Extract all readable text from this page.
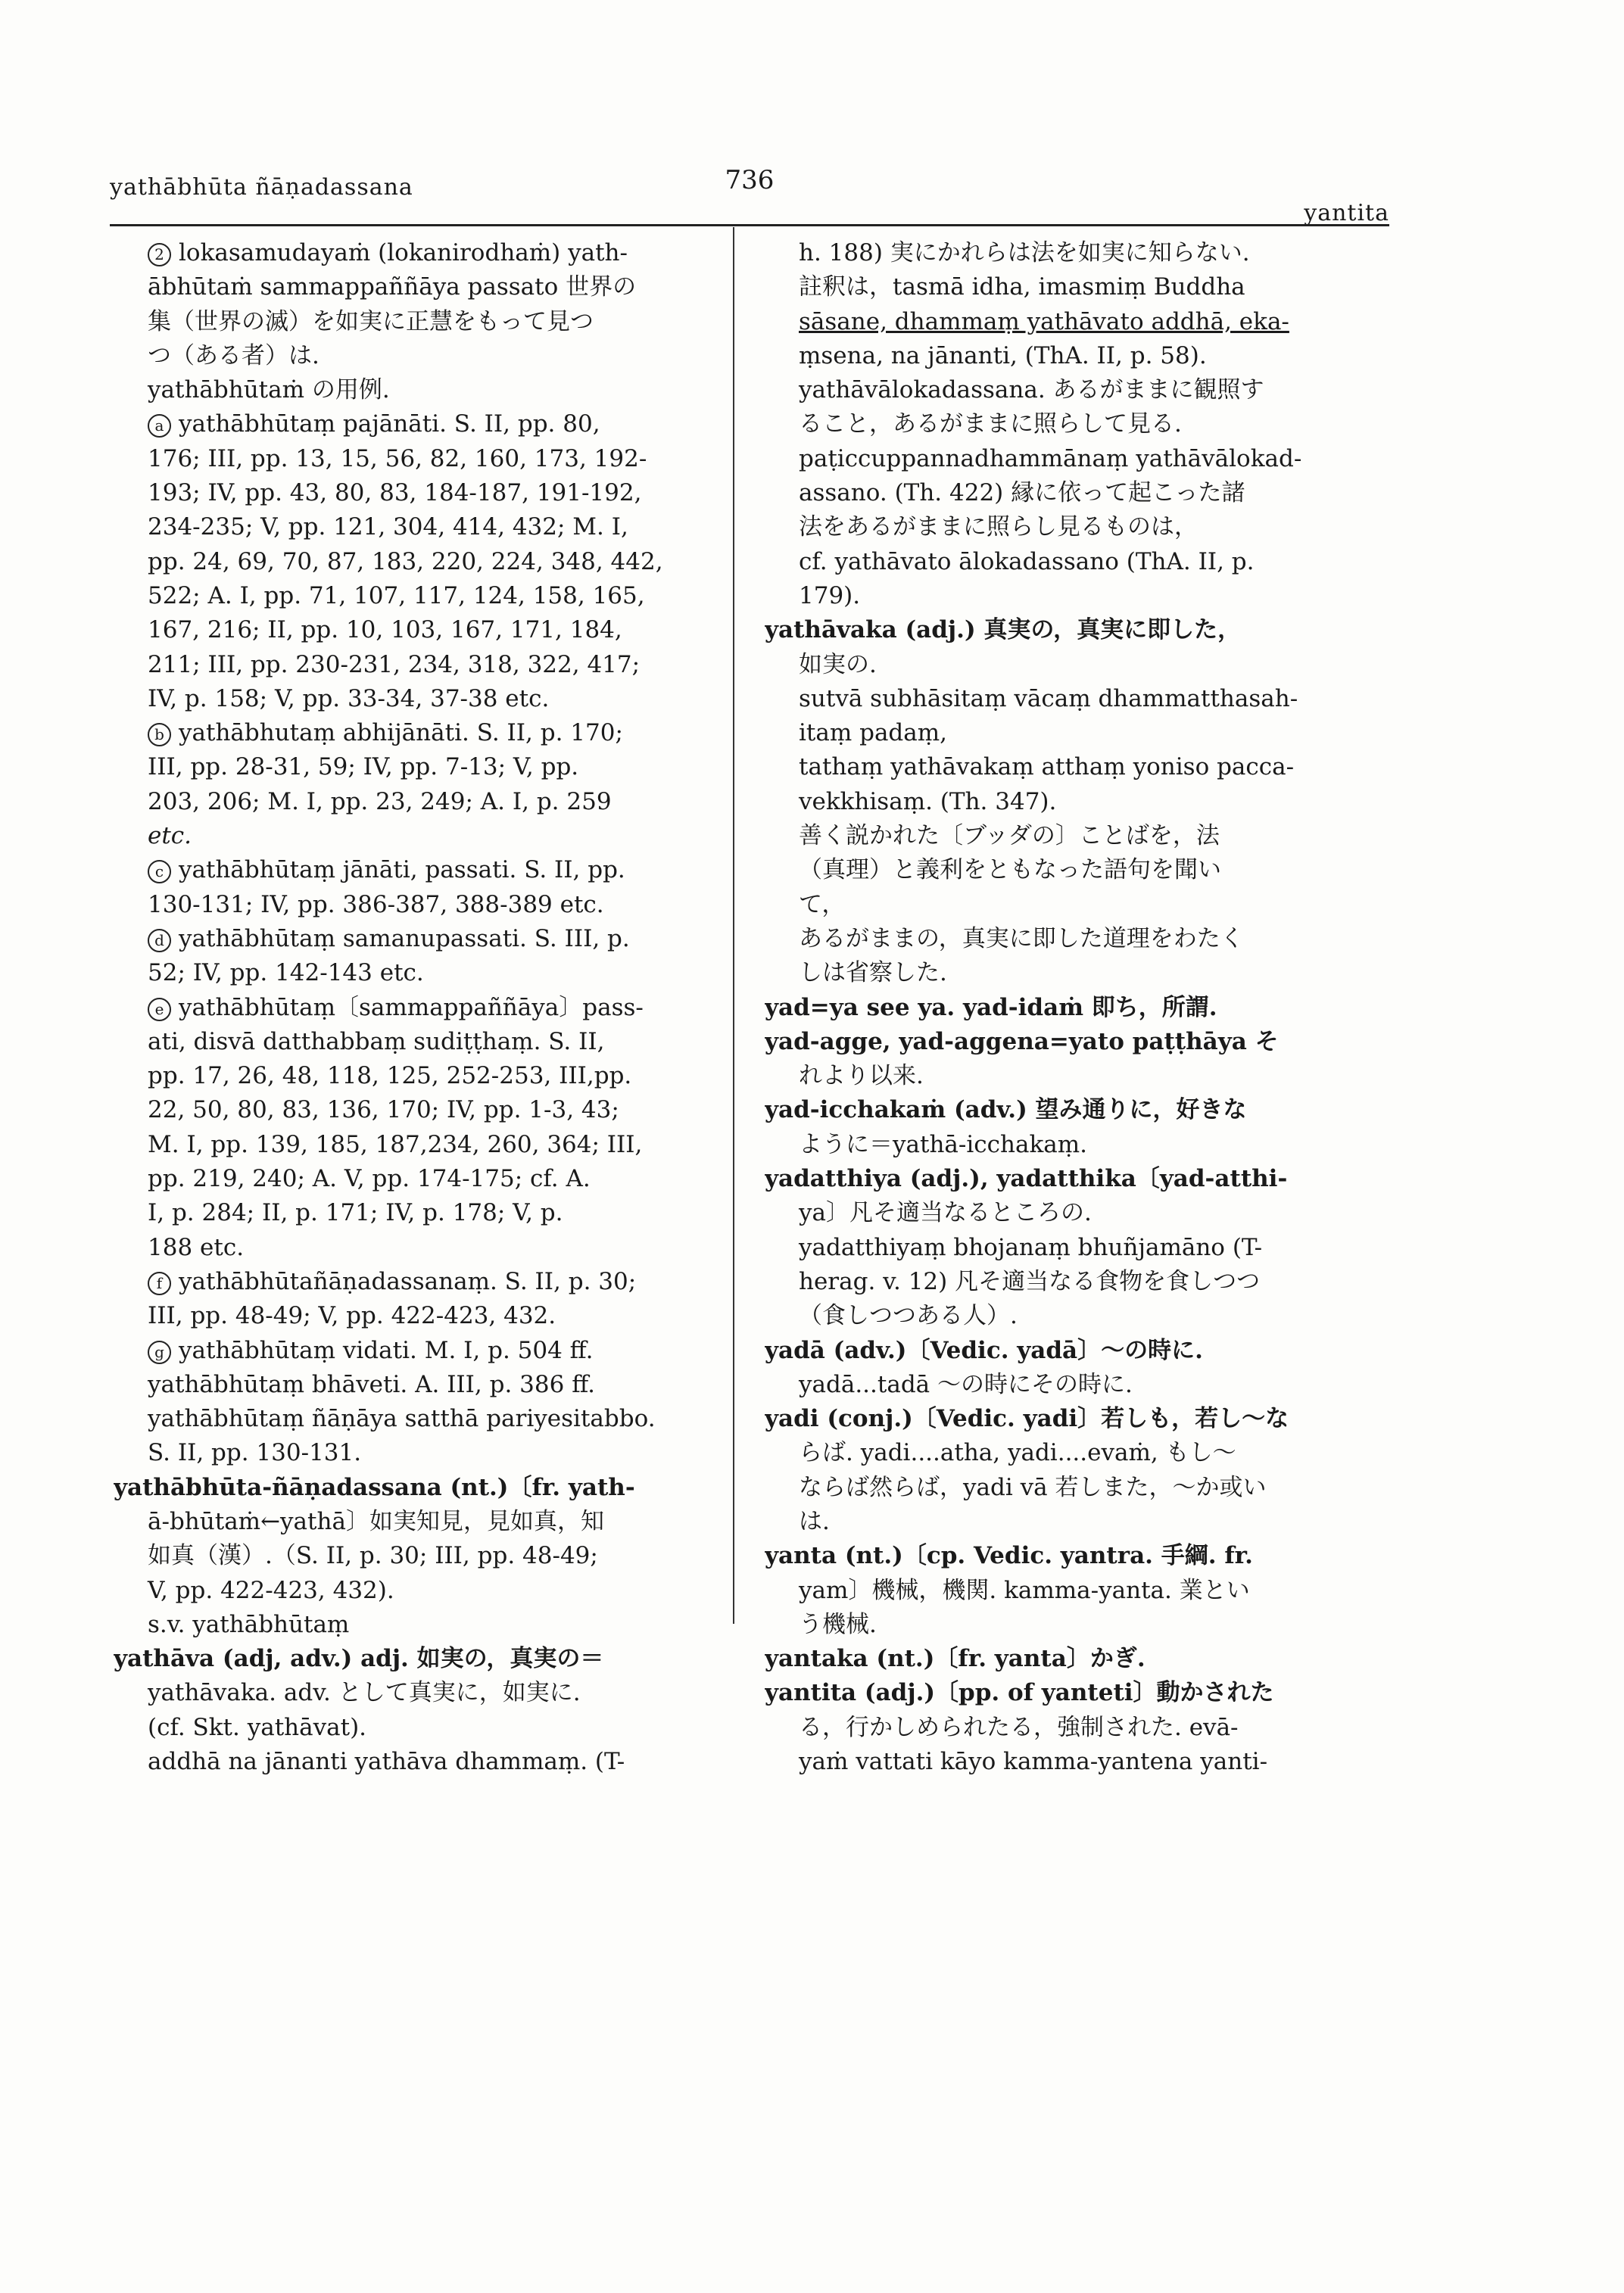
yathābhūta ñāṇadassana	736
yantita
2 lokasamudayaṁ (lokanirodhaṁ) yath-
ābhūtaṁ sammappaññāya passato 世界の
集（世界の滅）を如実に正慧をもって見つ
つ（ある者）は.
yathābhūtaṁ の用例.
a yathābhūtaṃ pajānāti. S. II, pp. 80,
176; III, pp. 13, 15, 56, 82, 160, 173, 192-
193; IV, pp. 43, 80, 83, 184-187, 191-192,
234-235; V, pp. 121, 304, 414, 432; M. I,
pp. 24, 69, 70, 87, 183, 220, 224, 348, 442,
522; A. I, pp. 71, 107, 117, 124, 158, 165,
167, 216; II, pp. 10, 103, 167, 171, 184,
211; III, pp. 230-231, 234, 318, 322, 417;
IV, p. 158; V, pp. 33-34, 37-38 etc.
b yathābhutaṃ abhijānāti. S. II, p. 170;
III, pp. 28-31, 59; IV, pp. 7-13; V, pp.
203, 206; M. I, pp. 23, 249; A. I, p. 259
etc.
c yathābhūtaṃ jānāti, passati. S. II, pp.
130-131; IV, pp. 386-387, 388-389 etc.
d yathābhūtaṃ samanupassati. S. III, p.
52; IV, pp. 142-143 etc.
e yathābhūtaṃ〔sammappaññāya〕pass-
ati, disvā datthabbaṃ sudiṭṭhaṃ. S. II,
pp. 17, 26, 48, 118, 125, 252-253, III,pp.
22, 50, 80, 83, 136, 170; IV, pp. 1-3, 43;
M. I, pp. 139, 185, 187,234, 260, 364; III,
pp. 219, 240; A. V, pp. 174-175; cf. A.
I, p. 284; II, p. 171; IV, p. 178; V, p.
188 etc.
f yathābhūtañāṇadassanaṃ. S. II, p. 30;
III, pp. 48-49; V, pp. 422-423, 432.
g yathābhūtaṃ vidati. M. I, p. 504 ff.
yathābhūtaṃ bhāveti. A. III, p. 386 ff.
yathābhūtaṃ ñāṇāya satthā pariyesitabbo.
S. II, pp. 130-131.
yathābhūta-ñāṇadassana (nt.)〔fr. yath-
ā-bhūtaṁ←yathā〕如実知見，見如真，知
如真（漢）.（S. II, p. 30; III, pp. 48-49;
V, pp. 422-423, 432).
s.v. yathābhūtaṃ
yathāva (adj, adv.) adj. 如実の，真実の＝
yathāvaka. adv. として真実に，如実に.
(cf. Skt. yathāvat).
addhā na jānanti yathāva dhammaṃ. (T-
h. 188) 実にかれらは法を如実に知らない.
註釈は，tasmā idha, imasmiṃ Buddha
sāsane, dhammaṃ yathāvato addhā, eka-
ṃsena, na jānanti, (ThA. II, p. 58).
yathāvālokadassana. あるがままに観照す
ること，あるがままに照らして見る.
paṭiccuppannadhammānaṃ yathāvālokad-
assano. (Th. 422) 縁に依って起こった諸
法をあるがままに照らし見るものは，
cf. yathāvato ālokadassano (ThA. II, p.
179).
yathāvaka (adj.) 真実の，真実に即した，
如実の.
sutvā subhāsitaṃ vācaṃ dhammatthasah-
itaṃ padaṃ,
tathaṃ yathāvakaṃ atthaṃ yoniso pacca-
vekkhisaṃ. (Th. 347).
善く説かれた〔ブッダの〕ことばを，法
（真理）と義利をともなった語句を聞い
て，
あるがままの，真実に即した道理をわたく
しは省察した.
yad=ya see ya. yad-idaṁ 即ち，所謂.
yad-agge, yad-aggena=yato paṭṭhāya そ
れより以来.
yad-icchakaṁ (adv.) 望み通りに，好きな
ように＝yathā-icchakaṃ.
yadatthiya (adj.), yadatthika〔yad-atthi-
ya〕凡そ適当なるところの.
yadatthiyaṃ bhojanaṃ bhuñjamāno (T-
herag. v. 12) 凡そ適当なる食物を食しつつ
（食しつつある人）.
yadā (adv.)〔Vedic. yadā〕～の時に.
yadā...tadā ～の時にその時に.
yadi (conj.)〔Vedic. yadi〕若しも，若し～な
らば. yadi....atha, yadi....evaṁ, もし～
ならば然らば，yadi vā 若しまた，～か或い
は.
yanta (nt.)〔cp. Vedic. yantra. 手綱. fr.
yam〕機械，機関. kamma-yanta. 業とい
う機械.
yantaka (nt.)〔fr. yanta〕かぎ.
yantita (adj.)〔pp. of yanteti〕動かされた
る，行かしめられたる，強制された. evā-
yaṁ vattati kāyo kamma-yantena yanti-
